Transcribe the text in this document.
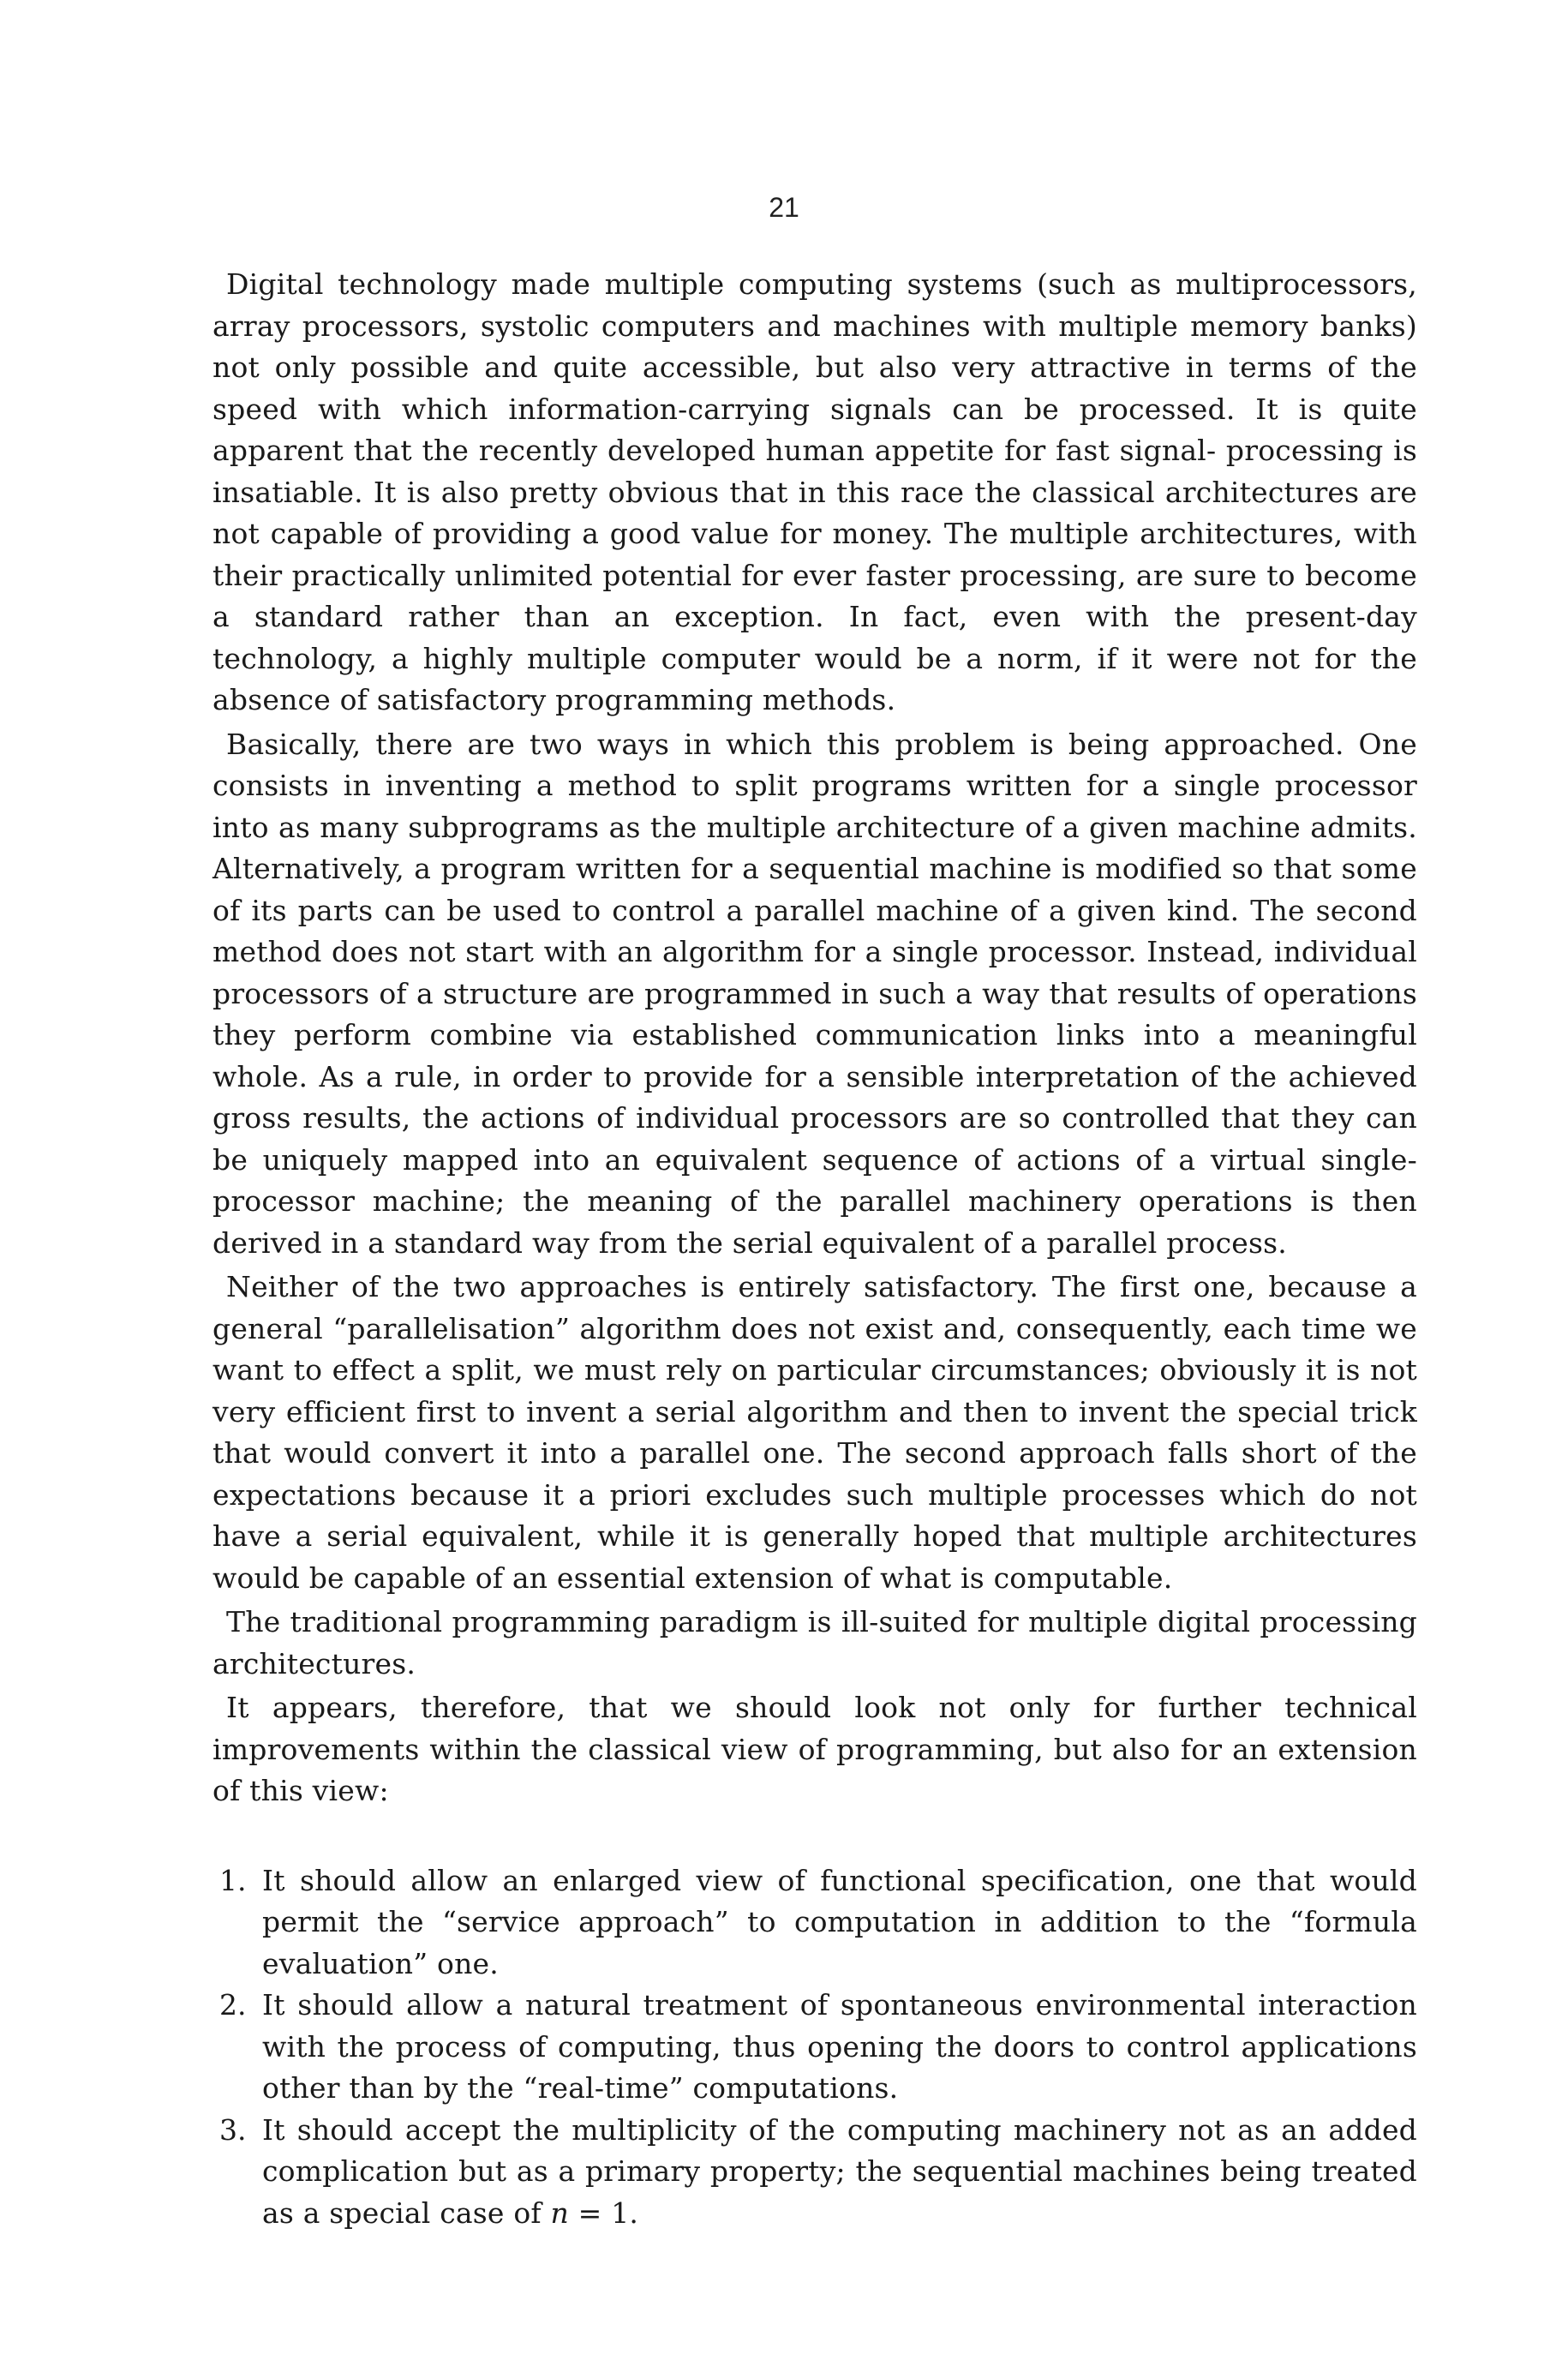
21

Digital technology made multiple computing systems (such as multiprocessors, array processors, systolic computers and machines with multiple memory banks) not only possible and quite accessible, but also very attractive in terms of the speed with which information-carrying signals can be processed. It is quite apparent that the recently developed human appetite for fast signal- processing is insatiable. It is also pretty obvious that in this race the classical architectures are not capable of providing a good value for money. The multiple architectures, with their practically unlimited potential for ever faster processing, are sure to become a standard rather than an exception. In fact, even with the present-day technology, a highly multiple computer would be a norm, if it were not for the absence of satisfactory programming methods.

Basically, there are two ways in which this problem is being approached. One consists in inventing a method to split programs written for a single processor into as many subprograms as the multiple architecture of a given machine admits. Alternatively, a program written for a sequential machine is modified so that some of its parts can be used to control a parallel machine of a given kind. The second method does not start with an algorithm for a single processor. Instead, individual processors of a structure are programmed in such a way that results of operations they perform combine via established communication links into a meaningful whole. As a rule, in order to provide for a sensible interpretation of the achieved gross results, the actions of individual processors are so controlled that they can be uniquely mapped into an equivalent sequence of actions of a virtual single-processor machine; the meaning of the parallel machinery operations is then derived in a standard way from the serial equivalent of a parallel process.

Neither of the two approaches is entirely satisfactory. The first one, because a general “parallelisation” algorithm does not exist and, consequently, each time we want to effect a split, we must rely on particular circumstances; obviously it is not very efficient first to invent a serial algorithm and then to invent the special trick that would convert it into a parallel one. The second approach falls short of the expectations because it a priori excludes such multiple processes which do not have a serial equivalent, while it is generally hoped that multiple architectures would be capable of an essential extension of what is computable.

The traditional programming paradigm is ill-suited for multiple digital processing architectures.

It appears, therefore, that we should look not only for further technical improvements within the classical view of programming, but also for an extension of this view:

1. It should allow an enlarged view of functional specification, one that would permit the “service approach” to computation in addition to the “formula evaluation” one.
2. It should allow a natural treatment of spontaneous environmental interaction with the process of computing, thus opening the doors to control applications other than by the “real-time” computations.
3. It should accept the multiplicity of the computing machinery not as an added complication but as a primary property; the sequential machines being treated as a special case of n = 1.
